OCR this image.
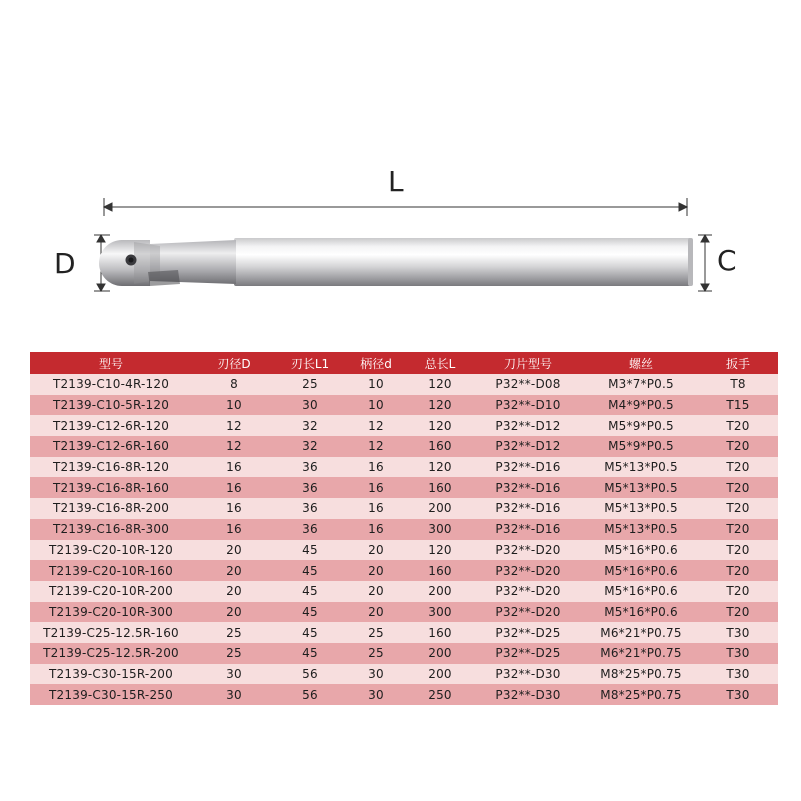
L
D	C
型号	刃径D	刃长L1	柄径d	总长L	刀片型号	螺丝	扳手
T2139-C10-4R-120	8	25	10	120	P32**-D08	M3*7*P0.5	T8
T2139-C10-5R-120	10	30	10	120	P32**-D10	M4*9*P0.5	T15
T2139-C12-6R-120	12	32	12	120	P32**-D12	M5*9*P0.5	T20
T2139-C12-6R-160	12	32	12	160	P32**-D12	M5*9*P0.5	T20
T2139-C16-8R-120	16	36	16	120	P32**-D16	M5*13*P0.5	T20
T2139-C16-8R-160	16	36	16	160	P32**-D16	M5*13*P0.5	T20
T2139-C16-8R-200	16	36	16	200	P32**-D16	M5*13*P0.5	T20
T2139-C16-8R-300	16	36	16	300	P32**-D16	M5*13*P0.5	T20
T2139-C20-10R-120	20	45	20	120	P32**-D20	M5*16*P0.6	T20
T2139-C20-10R-160	20	45	20	160	P32**-D20	M5*16*P0.6	T20
T2139-C20-10R-200	20	45	20	200	P32**-D20	M5*16*P0.6	T20
T2139-C20-10R-300	20	45	20	300	P32**-D20	M5*16*P0.6	T20
T2139-C25-12.5R-160	25	45	25	160	P32**-D25	M6*21*P0.75	T30
T2139-C25-12.5R-200	25	45	25	200	P32**-D25	M6*21*P0.75	T30
T2139-C30-15R-200	30	56	30	200	P32**-D30	M8*25*P0.75	T30
T2139-C30-15R-250	30	56	30	250	P32**-D30	M8*25*P0.75	T30
